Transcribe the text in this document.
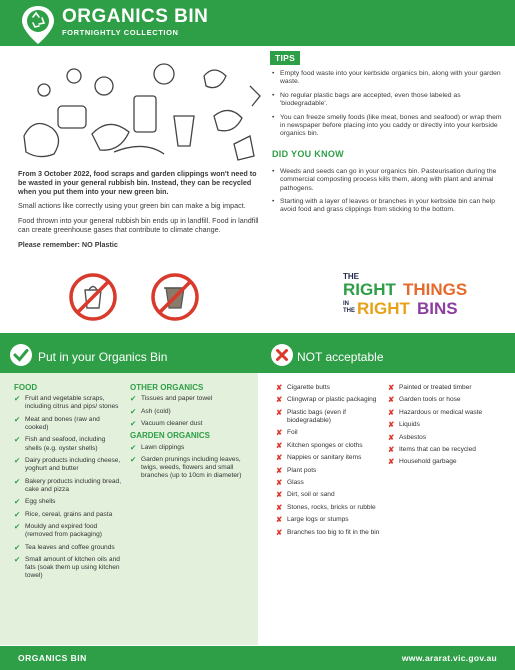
ORGANICS BIN
FORTNIGHTLY COLLECTION

From 3 October 2022, food scraps and garden clippings won't need to be wasted in your general rubbish bin. Instead, they can be recycled when you put them into your new green bin.

Small actions like correctly using your green bin can make a big impact.

Food thrown into your general rubbish bin ends up in landfill. Food in landfill can create greenhouse gases that contribute to climate change.

Please remember: NO Plastic

TIPS
• Empty food waste into your kerbside organics bin, along with your garden waste.
• No regular plastic bags are accepted, even those labeled as 'biodegradable'.
• You can freeze smelly foods (like meat, bones and seafood) or wrap them in newspaper before placing into you caddy or directly into your kerbside organics bin.
DID YOU KNOW
• Weeds and seeds can go in your organics bin. Pasteurisation during the commercial composting process kills them, along with plant and animal pathogens.
• Starting with a layer of leaves or branches in your kerbside bin can help avoid food and grass clippings from sticking to the bottom.
THE
RIGHT THINGS
IN
THE RIGHT BINS
Put in your Organics Bin	NOT acceptable
FOOD
✔ Fruit and vegetable scraps, including citrus and pips/ stones
✔ Meat and bones (raw and cooked)
✔ Fish and seafood, including shells (e.g. oyster shells)
✔ Dairy products including cheese, yoghurt and butter
✔ Bakery products including bread, cake and pizza
✔ Egg shells
✔ Rice, cereal, grains and pasta
✔ Mouldy and expired food (removed from packaging)
✔ Tea leaves and coffee grounds
✔ Small amount of kitchen oils and fats (soak them up using kitchen towel)
OTHER ORGANICS
✔ Tissues and paper towel
✔ Ash (cold)
✔ Vacuum cleaner dust
GARDEN ORGANICS
✔ Lawn clippings
✔ Garden prunings including leaves, twigs, weeds, flowers and small branches (up to 10cm in diameter)
✘ Cigarette butts
✘ Clingwrap or plastic packaging
✘ Plastic bags (even if biodegradable)
✘ Foil
✘ Kitchen sponges or cloths
✘ Nappies or sanitary items
✘ Plant pots
✘ Glass
✘ Dirt, soil or sand
✘ Stones, rocks, bricks or rubble
✘ Large logs or stumps
✘ Branches too big to fit in the bin
✘ Painted or treated timber
✘ Garden tools or hose
✘ Hazardous or medical waste
✘ Liquids
✘ Asbestos
✘ Items that can be recycled
✘ Household garbage
ORGANICS BIN	www.ararat.vic.gov.au
